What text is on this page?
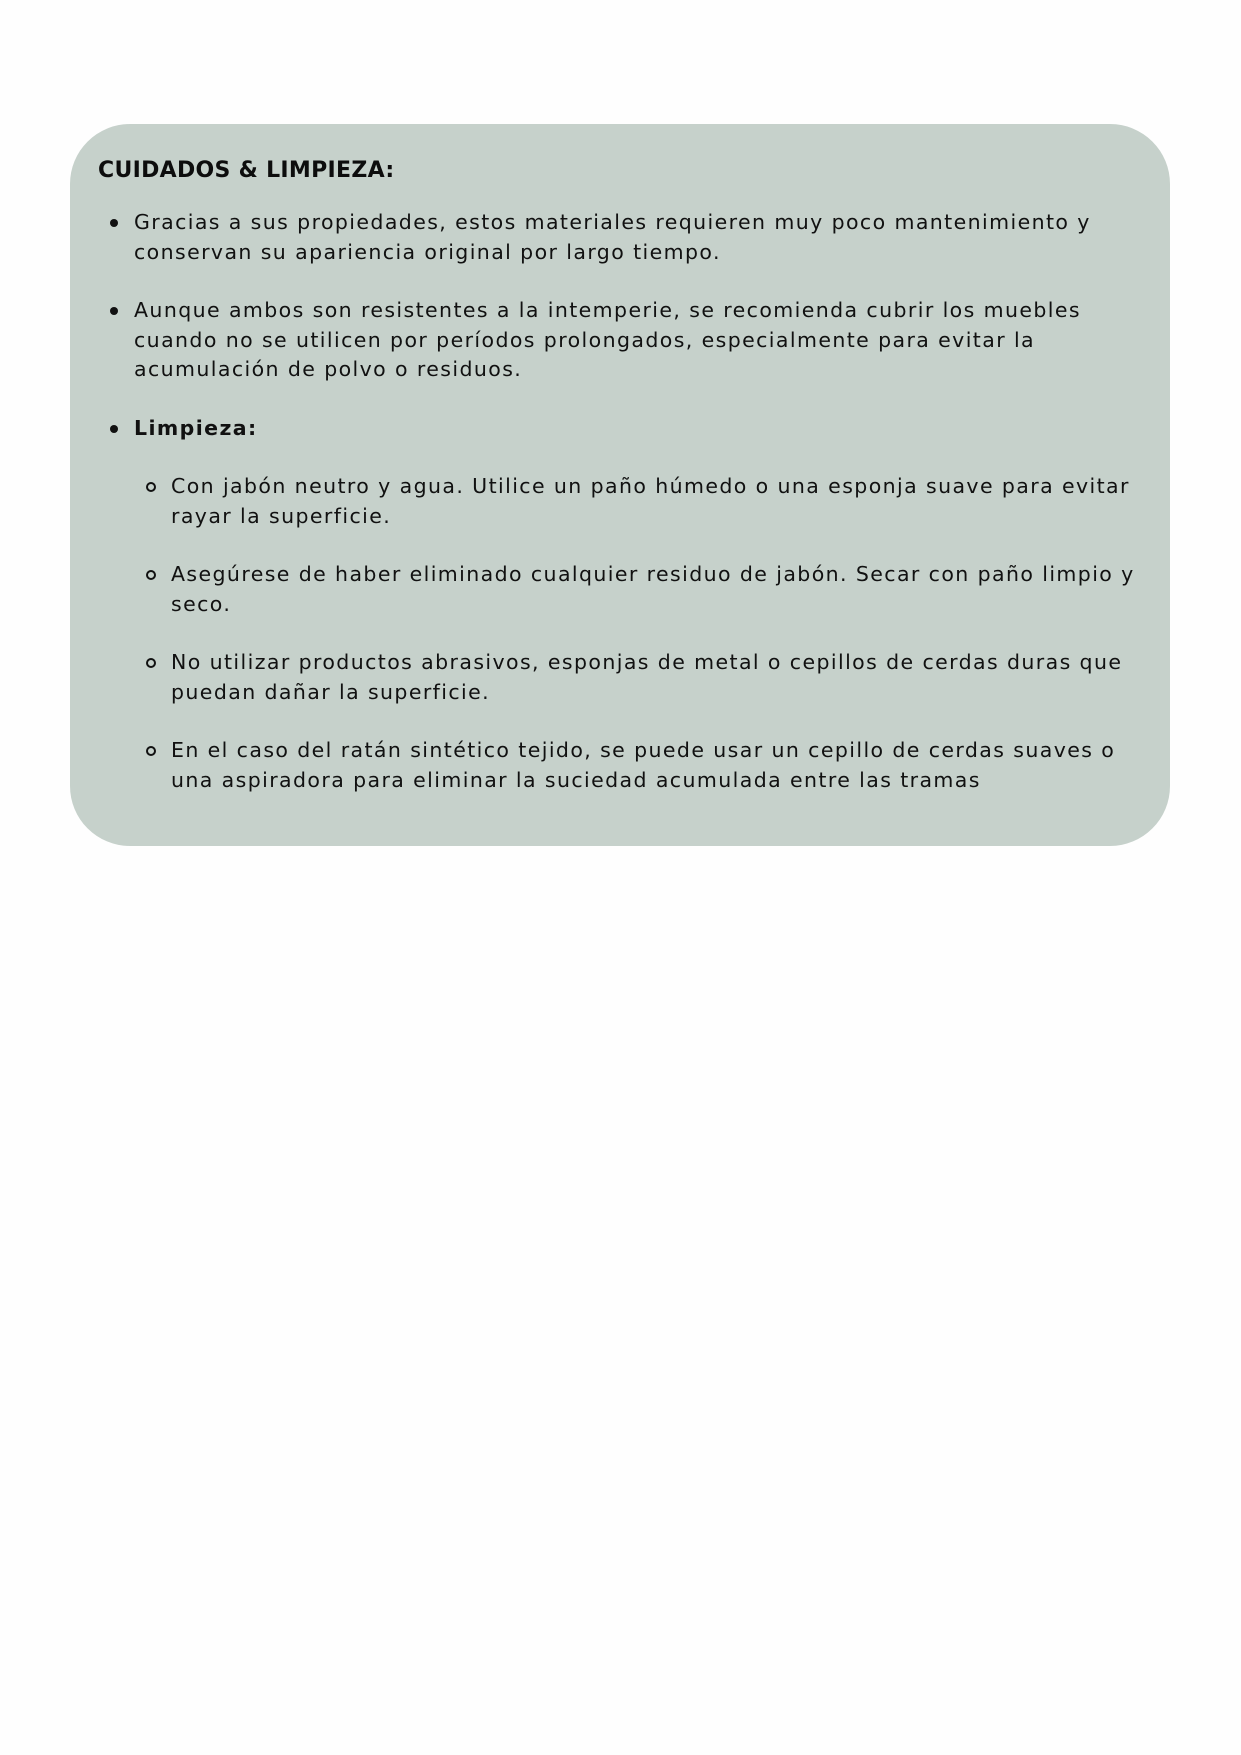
CUIDADOS & LIMPIEZA:
Gracias a sus propiedades, estos materiales requieren muy poco mantenimiento y conservan su apariencia original por largo tiempo.
Aunque ambos son resistentes a la intemperie, se recomienda cubrir los muebles cuando no se utilicen por períodos prolongados, especialmente para evitar la acumulación de polvo o residuos.
Limpieza:
Con jabón neutro y agua. Utilice un paño húmedo o una esponja suave para evitar rayar la superficie.
Asegúrese de haber eliminado cualquier residuo de jabón. Secar con paño limpio y seco.
No utilizar productos abrasivos, esponjas de metal o cepillos de cerdas duras que puedan dañar la superficie.
En el caso del ratán sintético tejido, se puede usar un cepillo de cerdas suaves o una aspiradora para eliminar la suciedad acumulada entre las tramas
